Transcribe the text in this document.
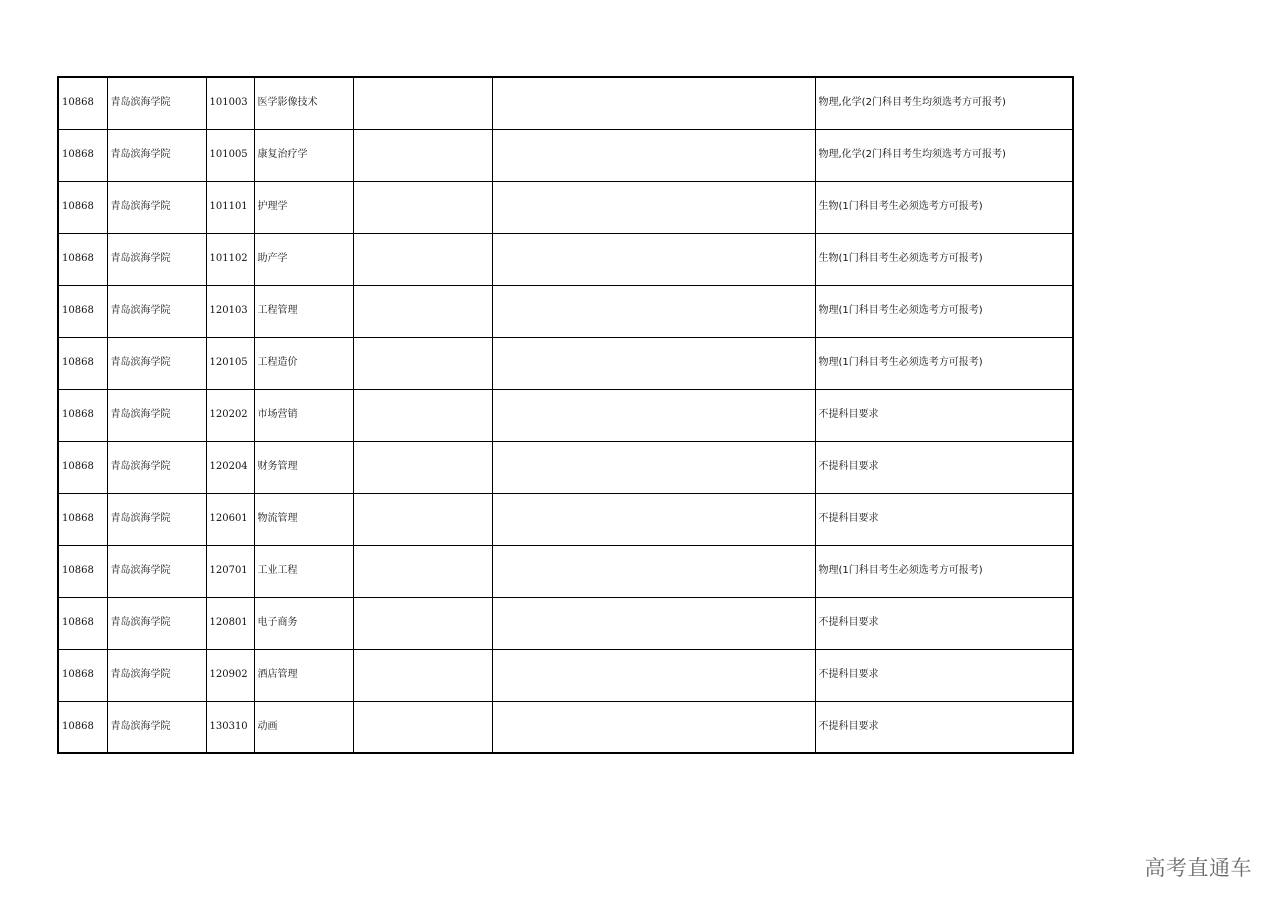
10868	青岛滨海学院	101003	医学影像技术			物理,化学(2门科目考生均须选考方可报考)
10868	青岛滨海学院	101005	康复治疗学			物理,化学(2门科目考生均须选考方可报考)
10868	青岛滨海学院	101101	护理学			生物(1门科目考生必须选考方可报考)
10868	青岛滨海学院	101102	助产学			生物(1门科目考生必须选考方可报考)
10868	青岛滨海学院	120103	工程管理			物理(1门科目考生必须选考方可报考)
10868	青岛滨海学院	120105	工程造价			物理(1门科目考生必须选考方可报考)
10868	青岛滨海学院	120202	市场营销			不提科目要求
10868	青岛滨海学院	120204	财务管理			不提科目要求
10868	青岛滨海学院	120601	物流管理			不提科目要求
10868	青岛滨海学院	120701	工业工程			物理(1门科目考生必须选考方可报考)
10868	青岛滨海学院	120801	电子商务			不提科目要求
10868	青岛滨海学院	120902	酒店管理			不提科目要求
10868	青岛滨海学院	130310	动画			不提科目要求
高考直通车
